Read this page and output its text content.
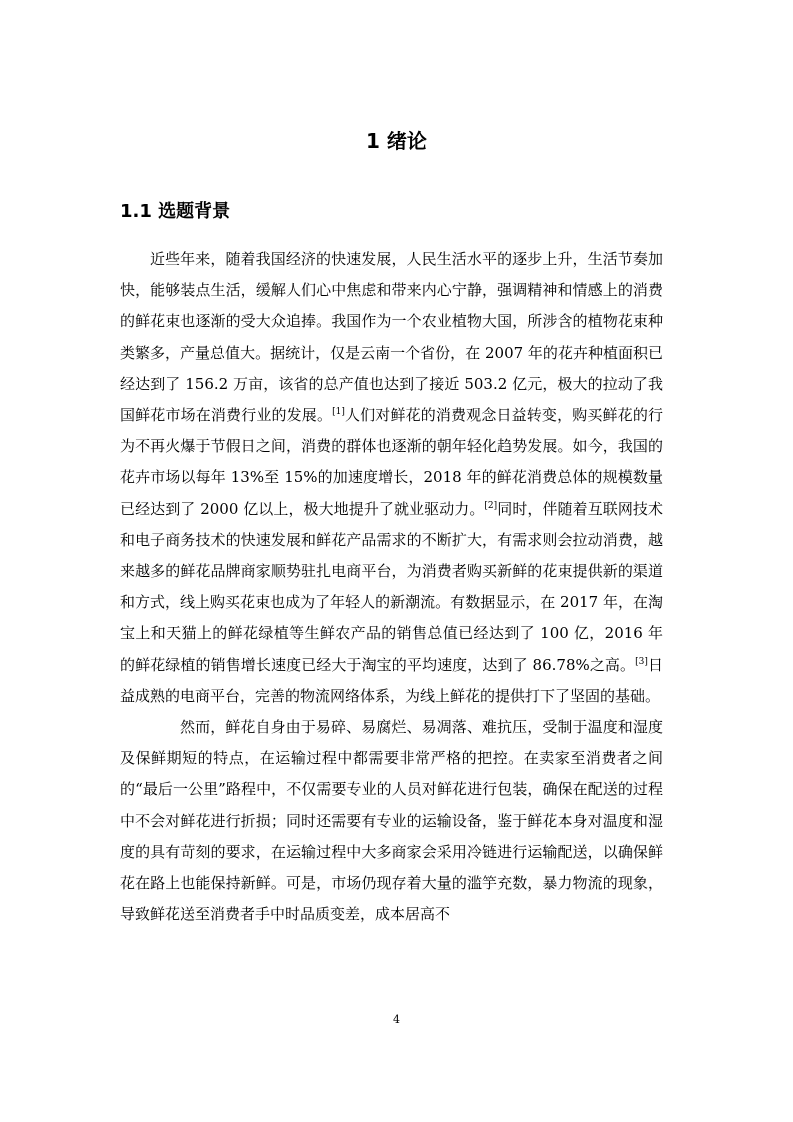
1 绪论
1.1 选题背景

近些年来，随着我国经济的快速发展，人民生活水平的逐步上升，生活节奏加快，能够装点生活，缓解人们心中焦虑和带来内心宁静，强调精神和情感上的消费的鲜花束也逐渐的受大众追捧。我国作为一个农业植物大国，所涉含的植物花束种类繁多，产量总值大。据统计，仅是云南一个省份，在 2007 年的花卉种植面积已经达到了 156.2 万亩，该省的总产值也达到了接近 503.2 亿元，极大的拉动了我国鲜花市场在消费行业的发展。[1]人们对鲜花的消费观念日益转变，购买鲜花的行为不再火爆于节假日之间，消费的群体也逐渐的朝年轻化趋势发展。如今，我国的花卉市场以每年 13%至 15%的加速度增长，2018 年的鲜花消费总体的规模数量已经达到了 2000 亿以上，极大地提升了就业驱动力。[2]同时，伴随着互联网技术和电子商务技术的快速发展和鲜花产品需求的不断扩大，有需求则会拉动消费，越来越多的鲜花品牌商家顺势驻扎电商平台，为消费者购买新鲜的花束提供新的渠道和方式，线上购买花束也成为了年轻人的新潮流。有数据显示，在 2017 年，在淘宝上和天猫上的鲜花绿植等生鲜农产品的销售总值已经达到了 100 亿，2016 年的鲜花绿植的销售增长速度已经大于淘宝的平均速度，达到了 86.78%之高。[3]日益成熟的电商平台，完善的物流网络体系，为线上鲜花的提供打下了坚固的基础。

然而，鲜花自身由于易碎、易腐烂、易凋落、难抗压，受制于温度和湿度及保鲜期短的特点，在运输过程中都需要非常严格的把控。在卖家至消费者之间的“最后一公里”路程中，不仅需要专业的人员对鲜花进行包装，确保在配送的过程中不会对鲜花进行折损；同时还需要有专业的运输设备，鉴于鲜花本身对温度和湿度的具有苛刻的要求，在运输过程中大多商家会采用冷链进行运输配送，以确保鲜花在路上也能保持新鲜。可是，市场仍现存着大量的滥竽充数，暴力物流的现象，导致鲜花送至消费者手中时品质变差，成本居高不

4
